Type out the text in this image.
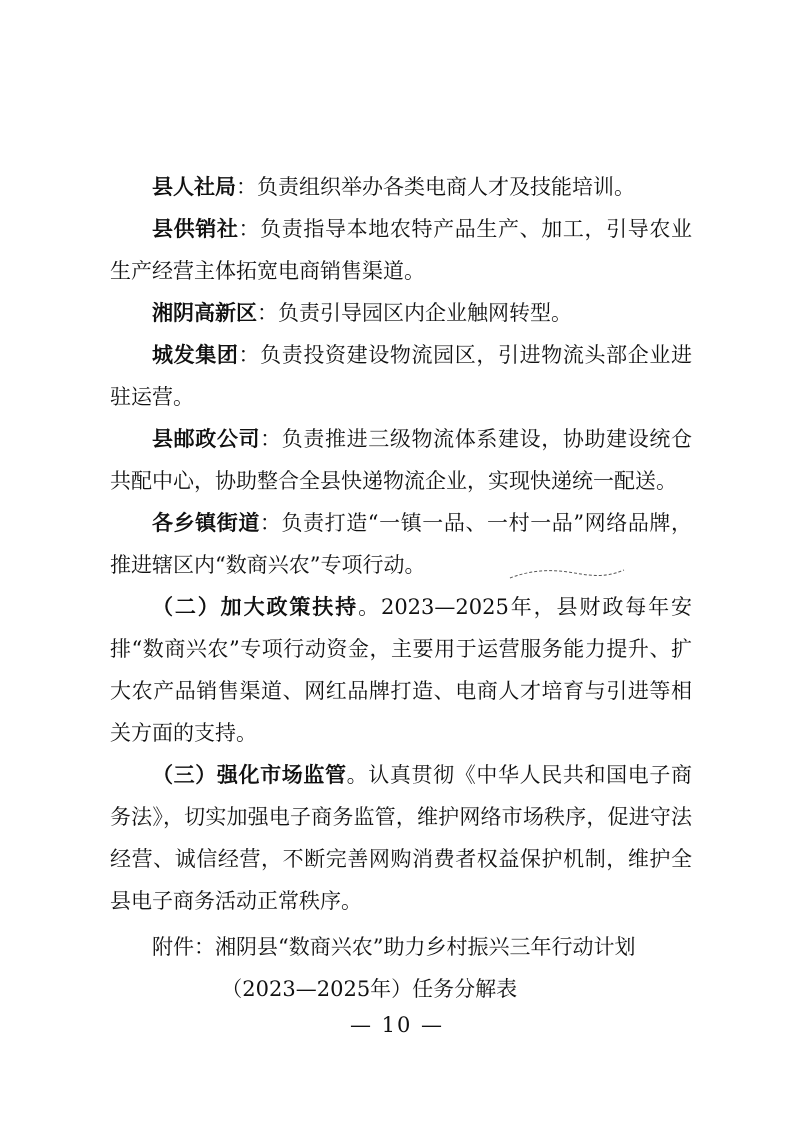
县人社局：负责组织举办各类电商人才及技能培训。

县供销社：负责指导本地农特产品生产、加工，引导农业生产经营主体拓宽电商销售渠道。

湘阴高新区：负责引导园区内企业触网转型。

城发集团：负责投资建设物流园区，引进物流头部企业进驻运营。

县邮政公司：负责推进三级物流体系建设，协助建设统仓共配中心，协助整合全县快递物流企业，实现快递统一配送。

各乡镇街道：负责打造“一镇一品、一村一品”网络品牌，推进辖区内“数商兴农”专项行动。

（二）加大政策扶持。2023—2025年，县财政每年安排“数商兴农”专项行动资金，主要用于运营服务能力提升、扩大农产品销售渠道、网红品牌打造、电商人才培育与引进等相关方面的支持。

（三）强化市场监管。认真贯彻《中华人民共和国电子商务法》，切实加强电子商务监管，维护网络市场秩序，促进守法经营、诚信经营，不断完善网购消费者权益保护机制，维护全县电子商务活动正常秩序。

附件：湘阴县“数商兴农”助力乡村振兴三年行动计划
（2023—2025年）任务分解表
— 10 —
